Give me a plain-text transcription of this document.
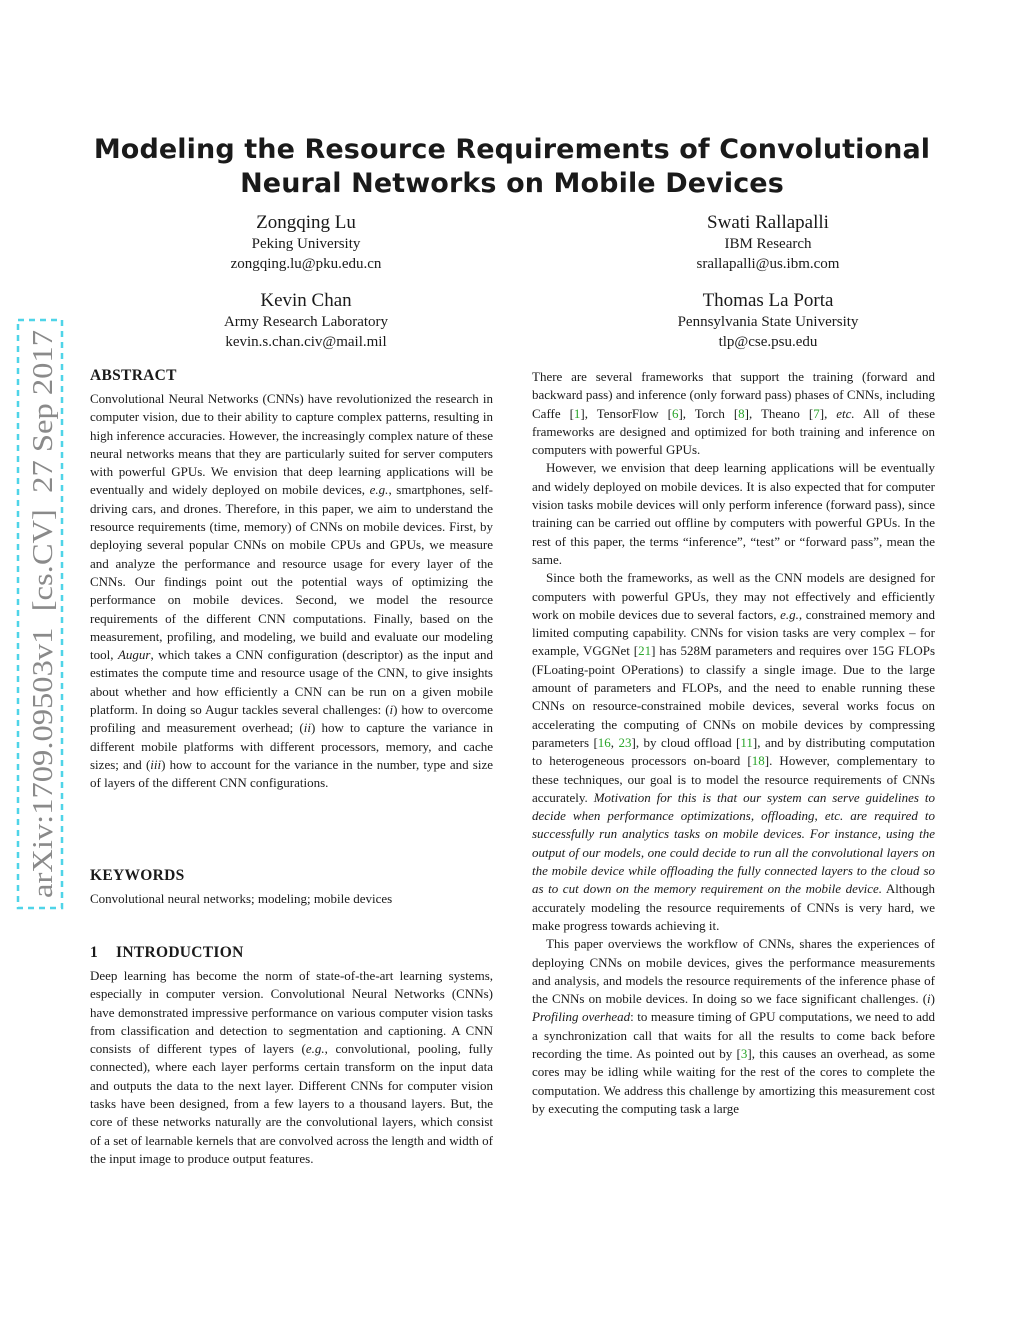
Modeling the Resource Requirements of Convolutional Neural Networks on Mobile Devices
Zongqing Lu
Peking University
zongqing.lu@pku.edu.cn
Swati Rallapalli
IBM Research
srallapalli@us.ibm.com
Kevin Chan
Army Research Laboratory
kevin.s.chan.civ@mail.mil
Thomas La Porta
Pennsylvania State University
tlp@cse.psu.edu
arXiv:1709.09503v1  [cs.CV]  27 Sep 2017
ABSTRACT

Convolutional Neural Networks (CNNs) have revolutionized the research in computer vision, due to their ability to capture complex patterns, resulting in high inference accuracies. However, the increasingly complex nature of these neural networks means that they are particularly suited for server computers with powerful GPUs. We envision that deep learning applications will be eventually and widely deployed on mobile devices, e.g., smartphones, self-driving cars, and drones. Therefore, in this paper, we aim to understand the resource requirements (time, memory) of CNNs on mobile devices. First, by deploying several popular CNNs on mobile CPUs and GPUs, we measure and analyze the performance and resource usage for every layer of the CNNs. Our findings point out the potential ways of optimizing the performance on mobile devices. Second, we model the resource requirements of the different CNN computations. Finally, based on the measurement, profiling, and modeling, we build and evaluate our modeling tool, Augur, which takes a CNN configuration (descriptor) as the input and estimates the compute time and resource usage of the CNN, to give insights about whether and how efficiently a CNN can be run on a given mobile platform. In doing so Augur tackles several challenges: (i) how to overcome profiling and measurement overhead; (ii) how to capture the variance in different mobile platforms with different processors, memory, and cache sizes; and (iii) how to account for the variance in the number, type and size of layers of the different CNN configurations.

KEYWORDS
Convolutional neural networks; modeling; mobile devices
1 INTRODUCTION

Deep learning has become the norm of state-of-the-art learning systems, especially in computer version. Convolutional Neural Networks (CNNs) have demonstrated impressive performance on various computer vision tasks from classification and detection to segmentation and captioning. A CNN consists of different types of layers (e.g., convolutional, pooling, fully connected), where each layer performs certain transform on the input data and outputs the data to the next layer. Different CNNs for computer vision tasks have been designed, from a few layers to a thousand layers. But, the core of these networks naturally are the convolutional layers, which consist of a set of learnable kernels that are convolved across the length and width of the input image to produce output features.

There are several frameworks that support the training (forward and backward pass) and inference (only forward pass) phases of CNNs, including Caffe [1], TensorFlow [6], Torch [8], Theano [7], etc. All of these frameworks are designed and optimized for both training and inference on computers with powerful GPUs.

However, we envision that deep learning applications will be eventually and widely deployed on mobile devices. It is also expected that for computer vision tasks mobile devices will only perform inference (forward pass), since training can be carried out offline by computers with powerful GPUs. In the rest of this paper, the terms “inference”, “test” or “forward pass”, mean the same.

Since both the frameworks, as well as the CNN models are designed for computers with powerful GPUs, they may not effectively and efficiently work on mobile devices due to several factors, e.g., constrained memory and limited computing capability. CNNs for vision tasks are very complex – for example, VGGNet [21] has 528M parameters and requires over 15G FLOPs (FLoating-point OPerations) to classify a single image. Due to the large amount of parameters and FLOPs, and the need to enable running these CNNs on resource-constrained mobile devices, several works focus on accelerating the computing of CNNs on mobile devices by compressing parameters [16, 23], by cloud offload [11], and by distributing computation to heterogeneous processors on-board [18]. However, complementary to these techniques, our goal is to model the resource requirements of CNNs accurately. Motivation for this is that our system can serve guidelines to decide when performance optimizations, offloading, etc. are required to successfully run analytics tasks on mobile devices. For instance, using the output of our models, one could decide to run all the convolutional layers on the mobile device while offloading the fully connected layers to the cloud so as to cut down on the memory requirement on the mobile device. Although accurately modeling the resource requirements of CNNs is very hard, we make progress towards achieving it.

This paper overviews the workflow of CNNs, shares the experiences of deploying CNNs on mobile devices, gives the performance measurements and analysis, and models the resource requirements of the inference phase of the CNNs on mobile devices. In doing so we face significant challenges. (i) Profiling overhead: to measure timing of GPU computations, we need to add a synchronization call that waits for all the results to come back before recording the time. As pointed out by [3], this causes an overhead, as some cores may be idling while waiting for the rest of the cores to complete the computation. We address this challenge by amortizing this measurement cost by executing the computing task a large
